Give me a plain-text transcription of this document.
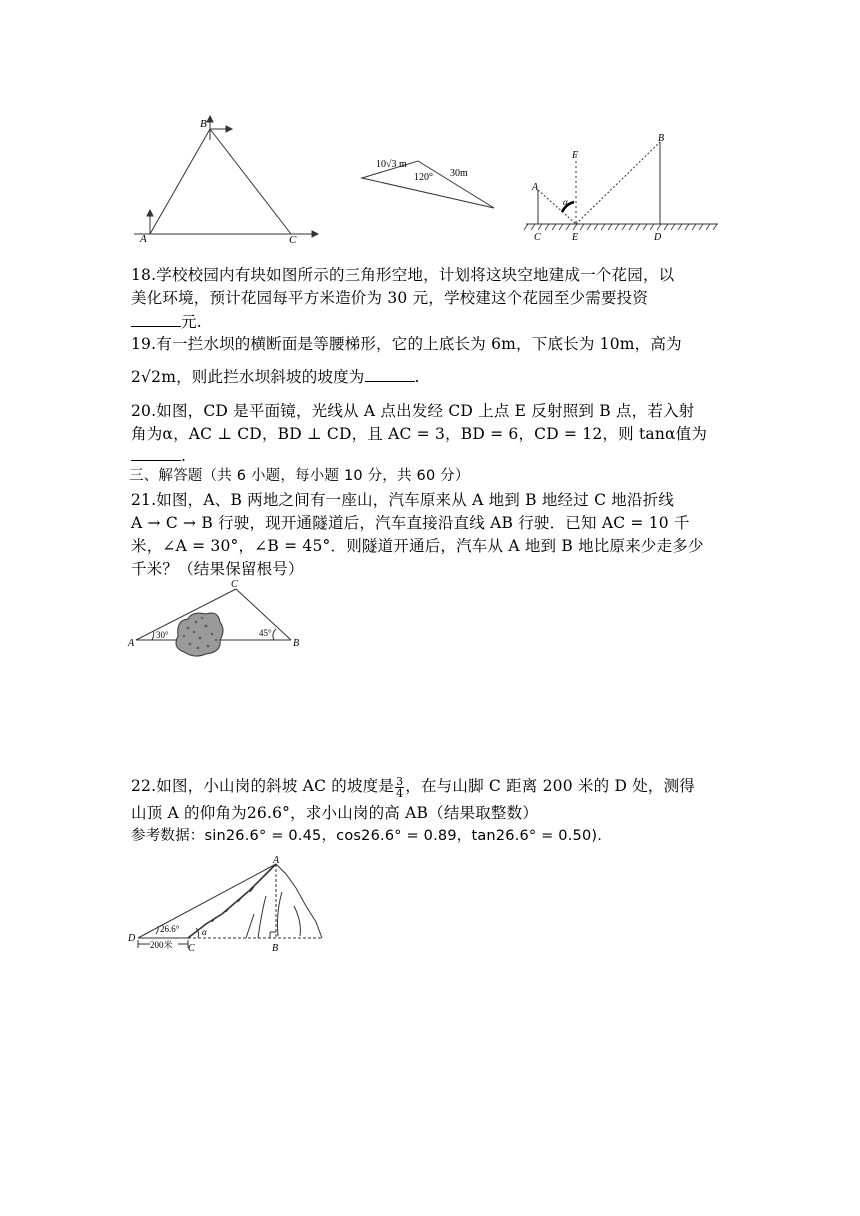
A
B
C
10√3 m
120° 30m
A
B
C	D
E
F
α
18.学校校园内有块如图所示的三角形空地，计划将这块空地建成一个花园，以
美化环境，预计花园每平方米造价为 30 元，学校建这个花园至少需要投资
元.
19.有一拦水坝的横断面是等腰梯形，它的上底长为 6m，下底长为 10m，高为
2√2m，则此拦水坝斜坡的坡度为	.
20.如图，CD 是平面镜，光线从 A 点出发经 CD 上点 E 反射照到 B 点，若入射
角为α，AC ⊥ CD，BD ⊥ CD，且 AC = 3，BD = 6，CD = 12，则 tanα值为
.
三、解答题（共 6 小题，每小题 10 分，共 60 分）
21.如图，A、B 两地之间有一座山，汽车原来从 A 地到 B 地经过 C 地沿折线
A → C → B 行驶，现开通隧道后，汽车直接沿直线 AB 行驶．已知 AC = 10 千
米，∠A = 30°，∠B = 45°．则隧道开通后，汽车从 A 地到 B 地比原来少走多少
千米？（结果保留根号）
A	B
C
30°	45°
22.如图，小山岗的斜坡 AC 的坡度是 $\frac{3}{4}$ ，在与山脚 C 距离 200 米的 D 处，测得
山顶 A 的仰角为26.6°，求小山岗的高 AB（结果取整数）
参考数据：sin26.6° = 0.45，cos26.6° = 0.89，tan26.6° = 0.50).
A
B
C
D
26.6°	α
200米
